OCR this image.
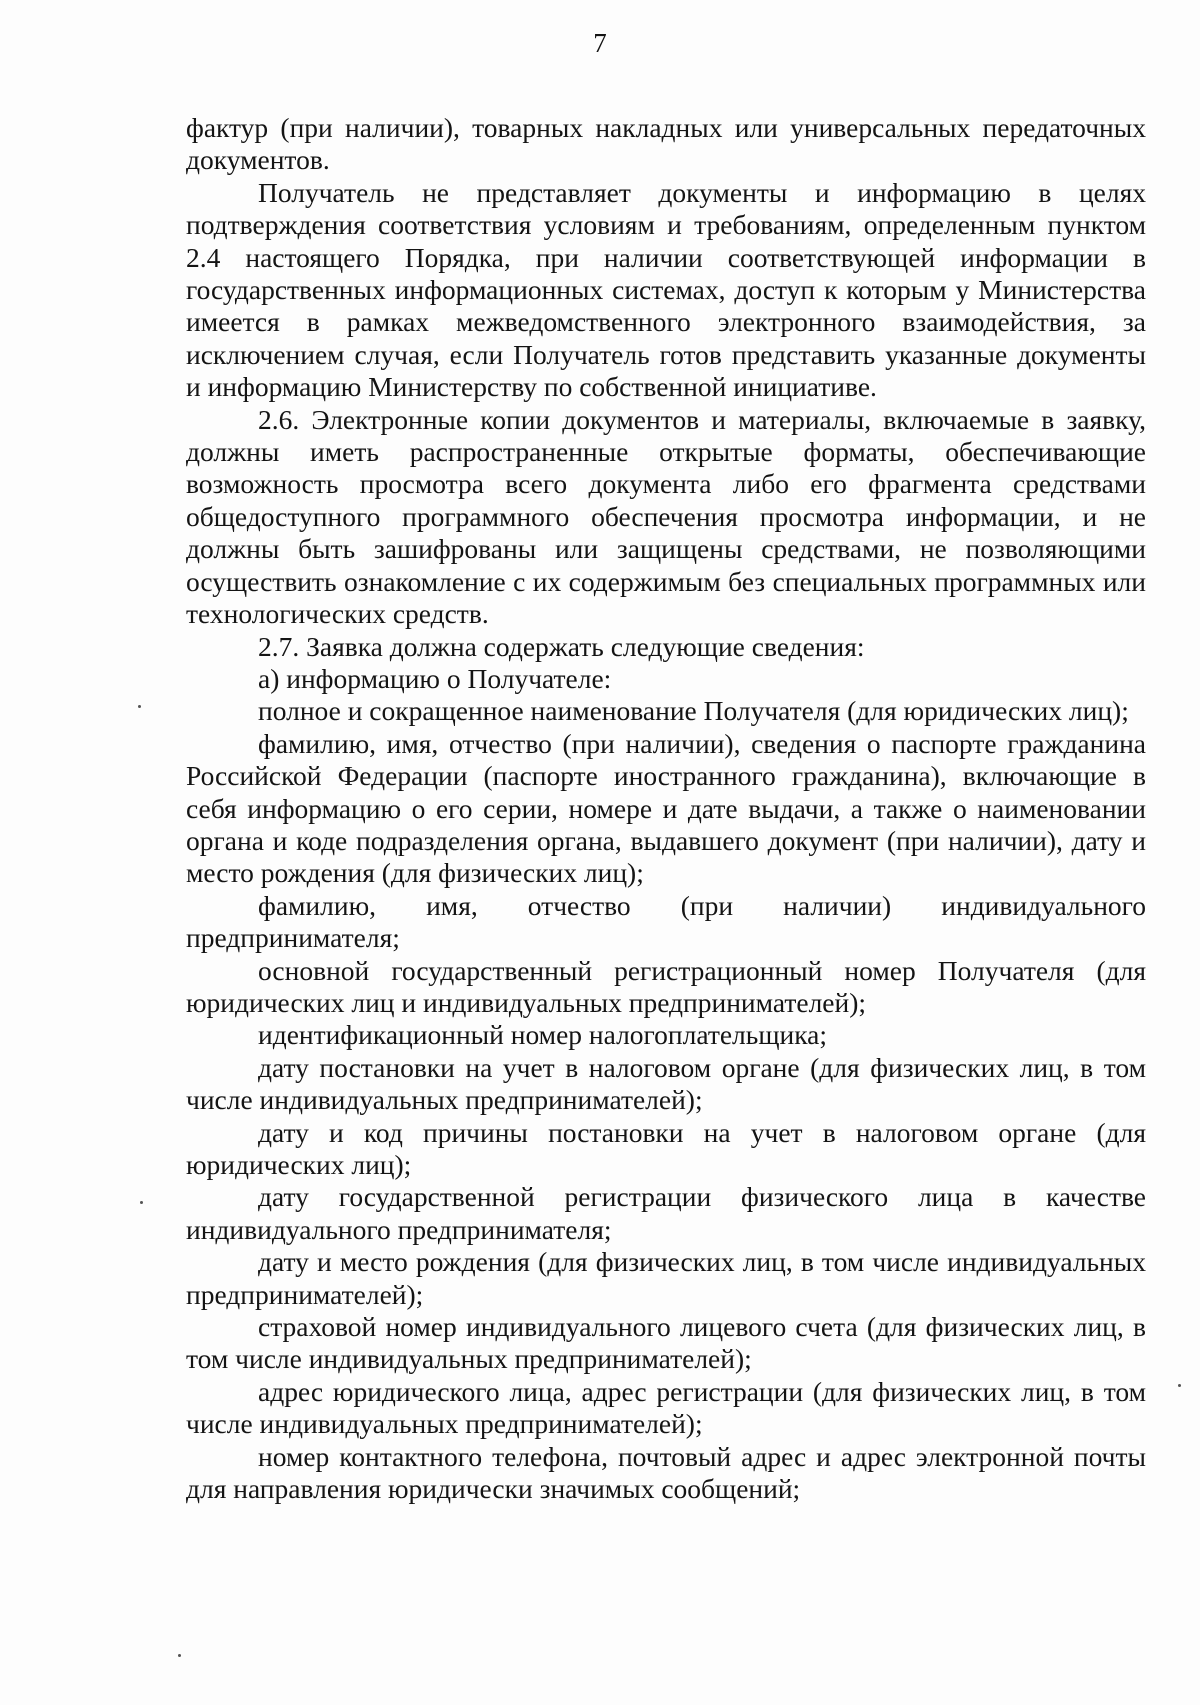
7

фактур (при наличии), товарных накладных или универсальных передаточных документов.

Получатель не представляет документы и информацию в целях подтверждения соответствия условиям и требованиям, определенным пунктом 2.4 настоящего Порядка, при наличии соответствующей информации в государственных информационных системах, доступ к которым у Министерства имеется в рамках межведомственного электронного взаимодействия, за исключением случая, если Получатель готов представить указанные документы и информацию Министерству по собственной инициативе.

2.6. Электронные копии документов и материалы, включаемые в заявку, должны иметь распространенные открытые форматы, обеспечивающие возможность просмотра всего документа либо его фрагмента средствами общедоступного программного обеспечения просмотра информации, и не должны быть зашифрованы или защищены средствами, не позволяющими осуществить ознакомление с их содержимым без специальных программных или технологических средств.

2.7. Заявка должна содержать следующие сведения:

а) информацию о Получателе:

полное и сокращенное наименование Получателя (для юридических лиц);

фамилию, имя, отчество (при наличии), сведения о паспорте гражданина Российской Федерации (паспорте иностранного гражданина), включающие в себя информацию о его серии, номере и дате выдачи, а также о наименовании органа и коде подразделения органа, выдавшего документ (при наличии), дату и место рождения (для физических лиц);

фамилию, имя, отчество (при наличии) индивидуального предпринимателя;

основной государственный регистрационный номер Получателя (для юридических лиц и индивидуальных предпринимателей);

идентификационный номер налогоплательщика;

дату постановки на учет в налоговом органе (для физических лиц, в том числе индивидуальных предпринимателей);

дату и код причины постановки на учет в налоговом органе (для юридических лиц);

дату государственной регистрации физического лица в качестве индивидуального предпринимателя;

дату и место рождения (для физических лиц, в том числе индивидуальных предпринимателей);

страховой номер индивидуального лицевого счета (для физических лиц, в том числе индивидуальных предпринимателей);

адрес юридического лица, адрес регистрации (для физических лиц, в том числе индивидуальных предпринимателей);

номер контактного телефона, почтовый адрес и адрес электронной почты для направления юридически значимых сообщений;
